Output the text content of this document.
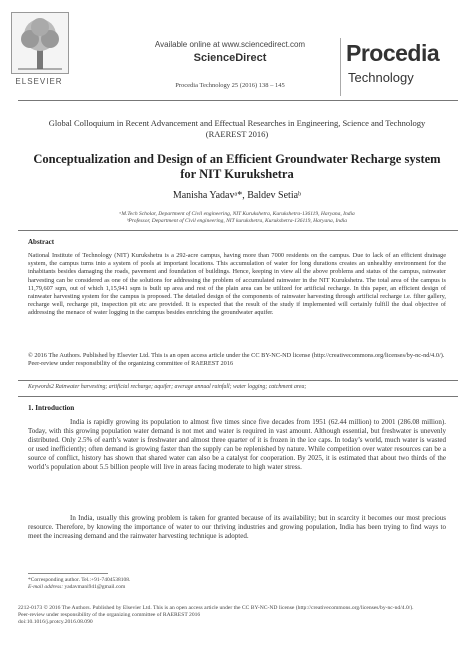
ELSEVIER
Available online at www.sciencedirect.com
ScienceDirect
Procedia Technology 25 (2016) 138 – 145
Procedia
Technology
Global Colloquium in Recent Advancement and Effectual Researches in Engineering, Science and Technology (RAEREST 2016)
Conceptualization and Design of an Efficient Groundwater Recharge system for NIT Kurukshetra
Manisha Yadavᵃ*, Baldev Setiaᵇ
ᵃM.Tech Scholar, Department of Civil engineering, NIT Kurukshetra, Kurukshetra-136119, Haryana, India
ᵇProfessor, Department of Civil engineering, NIT kurukshetra, Kurukshetra-136119, Haryana, India
Abstract
National Institute of Technology (NIT) Kurukshetra is a 292-acre campus, having more than 7000 residents on the campus. Due to lack of an efficient drainage system, the campus turns into a system of pools at important locations. This accumulation of water for long durations creates an unhealthy environment for the inhabitants besides damaging the roads, pavement and foundation of buildings. Hence, keeping in view all the above problems and status of the campus, rainwater harvesting can be considered as one of the solutions for addressing the problem of accumulated rainwater in the NIT Kurukshetra. The total area of the campus is 11,79,607 sqm, out of which 1,15,941 sqm is built up area and rest of the plain area can be utilized for artificial recharge. In this paper, an efficient design of rainwater harvesting system for the campus is proposed. The detailed design of the components of rainwater harvesting through artificial recharge i.e. filter gallery, recharge well, recharge pit, inspection pit etc are provided. It is expected that the result of the study if implemented will certainly fulfill the dual objective of addressing the menace of water logging in the campus besides enriching the groundwater aquifer.
© 2016 The Authors. Published by Elsevier Ltd. This is an open access article under the CC BY-NC-ND license (http://creativecommons.org/licenses/by-nc-nd/4.0/).
Peer-review under responsibility of the organizing committee of RAEREST 2016
Keywords2 Rainwater harvesting; artificial recharge; aquifer; average annual rainfall; water logging; catchment area;
1. Introduction
India is rapidly growing its population to almost five times since five decades from 1951 (62.44 million) to 2001 (286.08 million). Today, with this growing population water demand is not met and water is required in vast amount. Although essential, but freshwater is unevenly distributed. Only 2.5% of earth’s water is freshwater and almost three quarter of it is frozen in the ice caps. In today’s world, much water is wasted or used inefficiently; often demand is growing faster than the supply can be replenished by nature. While competition over water resources can be a source of conflict, history has shown that shared water can also be a catalyst for cooperation. By 2025, it is estimated that about two thirds of the world’s population about 5.5 billion people will live in areas facing moderate to high water stress.
In India, usually this growing problem is taken for granted because of its availability; but in scarcity it becomes our most precious resource. Therefore, by knowing the importance of water to our thriving industries and growing population, India has been trying to find ways to meet the increasing demand and the rainwater harvesting technique is adopted.
*Corresponding author. Tel.:+91-7404538108.
E-mail address: yadavmani941@gmail.com
2212-0173 © 2016 The Authors. Published by Elsevier Ltd. This is an open access article under the CC BY-NC-ND license (http://creativecommons.org/licenses/by-nc-nd/4.0/).
Peer-review under responsibility of the organizing committee of RAEREST 2016
doi:10.1016/j.protcy.2016.08.090
